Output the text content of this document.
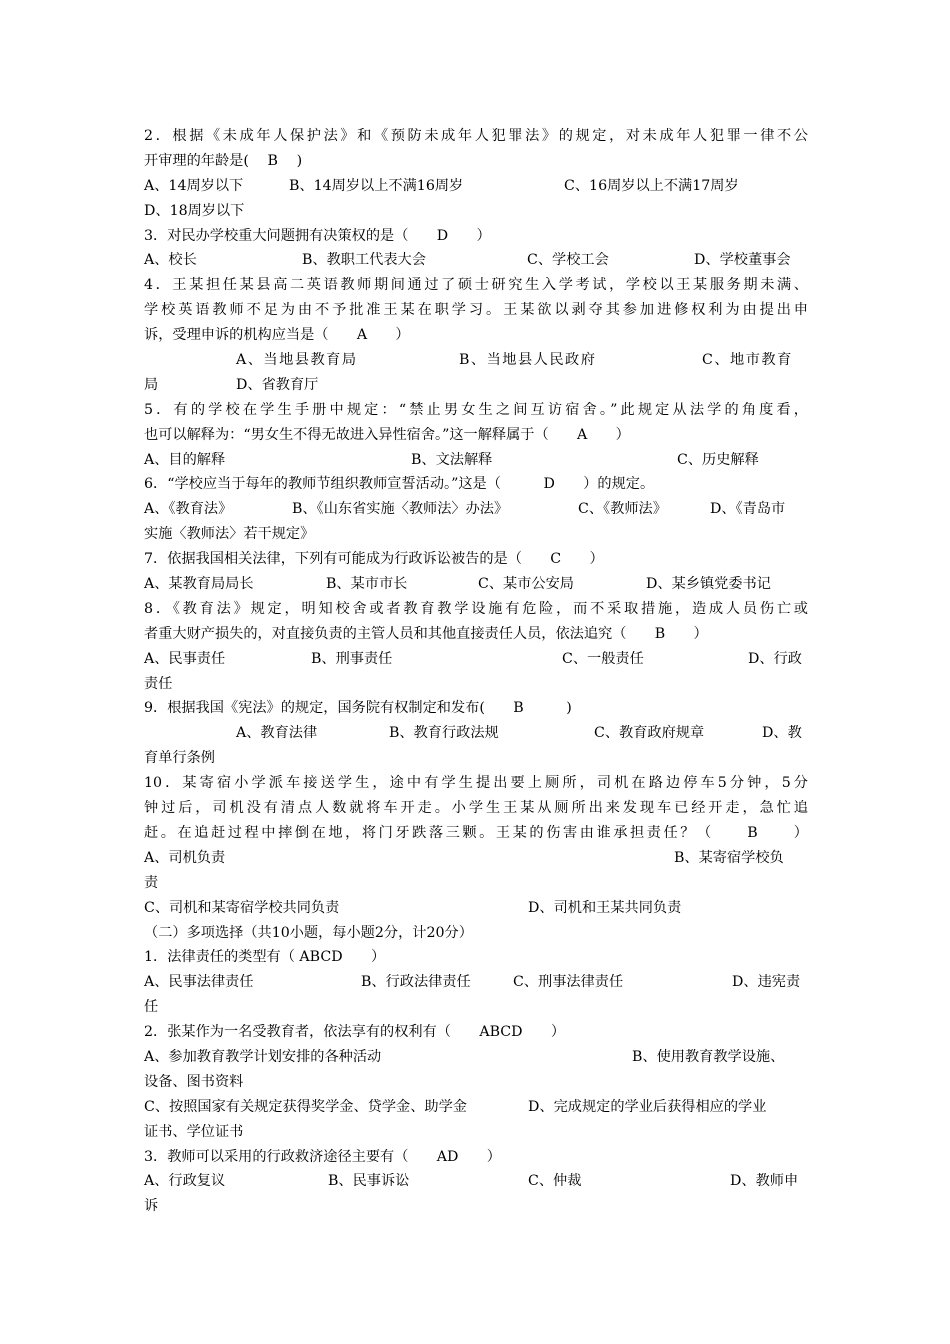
2．根据《未成年人保护法》和《预防未成年人犯罪法》的规定，对未成年人犯罪一律不公
开审理的年龄是(　 B　 )
A、14周岁以下	B、14周岁以上不满16周岁	C、16周岁以上不满17周岁
D、18周岁以下
3．对民办学校重大问题拥有决策权的是（　　D　　）
A、校长	B、教职工代表大会	C、学校工会	D、学校董事会
4．王某担任某县高二英语教师期间通过了硕士研究生入学考试，学校以王某服务期未满、
学校英语教师不足为由不予批准王某在职学习。王某欲以剥夺其参加进修权利为由提出申
诉，受理申诉的机构应当是（　　A　　）
A、当地县教育局	B、当地县人民政府	C、地市教育
局	D、省教育厅
5．有的学校在学生手册中规定：“禁止男女生之间互访宿舍。”此规定从法学的角度看，
也可以解释为：“男女生不得无故进入异性宿舍。”这一解释属于（　　A　　）
A、目的解释	B、文法解释	C、历史解释
6．“学校应当于每年的教师节组织教师宣誓活动。”这是（　　　D　　）的规定。
A、《教育法》	B、《山东省实施〈教师法〉办法》	C、《教师法》	D、《青岛市
实施〈教师法〉若干规定》
7．依据我国相关法律，下列有可能成为行政诉讼被告的是（　　C　　）
A、某教育局局长	B、某市市长	C、某市公安局	D、某乡镇党委书记
8．《教育法》规定，明知校舍或者教育教学设施有危险，而不采取措施，造成人员伤亡或
者重大财产损失的，对直接负责的主管人员和其他直接责任人员，依法追究（　　B　　）
A、民事责任	B、刑事责任	C、一般责任	D、行政
责任
9．根据我国《宪法》的规定，国务院有权制定和发布(　　B　　　)
A、教育法律	B、教育行政法规	C、教育政府规章	D、教
育单行条例
10．某寄宿小学派车接送学生，途中有学生提出要上厕所，司机在路边停车5分钟，5分
钟过后，司机没有清点人数就将车开走。小学生王某从厕所出来发现车已经开走，急忙追
赶。在追赶过程中摔倒在地，将门牙跌落三颗。王某的伤害由谁承担责任？（　　B　　）
A、司机负责	B、某寄宿学校负
责
C、司机和某寄宿学校共同负责	D、司机和王某共同负责
（二）多项选择（共10小题，每小题2分，计20分）
1．法律责任的类型有（ ABCD　　）
A、民事法律责任	B、行政法律责任	C、刑事法律责任	D、违宪责
任
2．张某作为一名受教育者，依法享有的权利有（　　ABCD　　）
A、参加教育教学计划安排的各种活动	B、使用教育教学设施、
设备、图书资料
C、按照国家有关规定获得奖学金、贷学金、助学金	D、完成规定的学业后获得相应的学业
证书、学位证书
3．教师可以采用的行政救济途径主要有（　　AD　　）
A、行政复议	B、民事诉讼	C、仲裁	D、教师申
诉
